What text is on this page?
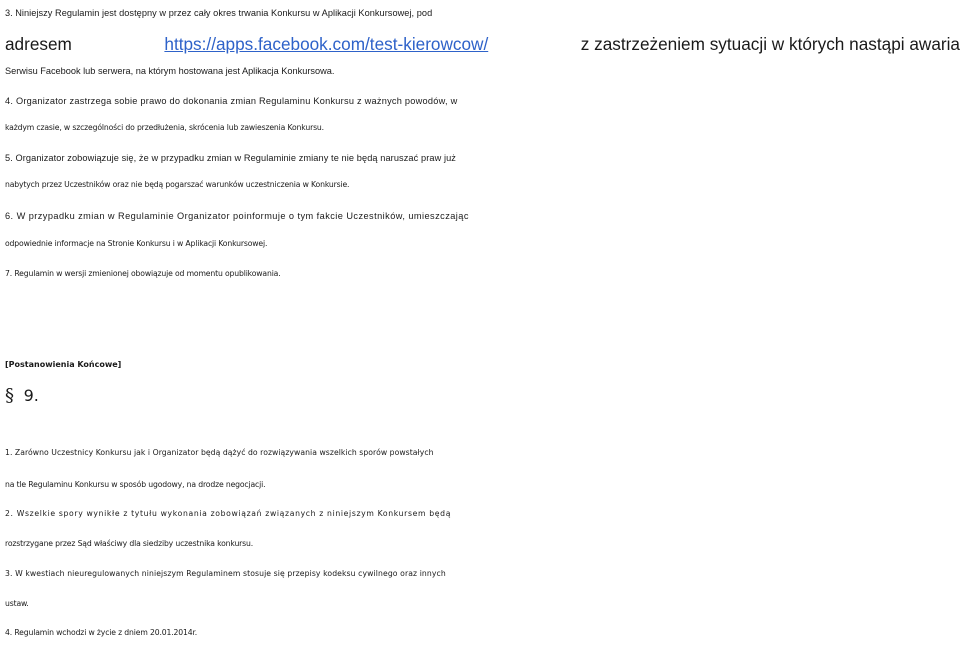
3. Niniejszy Regulamin jest dostępny w przez cały okres trwania Konkursu w Aplikacji Konkursowej, pod
adresem	https://apps.facebook.com/test-kierowcow/	z zastrzeżeniem sytuacji w których nastąpi awaria
Serwisu Facebook lub serwera, na którym hostowana jest Aplikacja Konkursowa.
4. Organizator zastrzega sobie prawo do dokonania zmian Regulaminu Konkursu z ważnych powodów, w
każdym czasie, w szczególności do przedłużenia, skrócenia lub zawieszenia Konkursu.
5. Organizator zobowiązuje się, że w przypadku zmian w Regulaminie zmiany te nie będą naruszać praw już
nabytych przez Uczestników oraz nie będą pogarszać warunków uczestniczenia w Konkursie.
6. W przypadku zmian w Regulaminie Organizator poinformuje o tym fakcie Uczestników, umieszczając
odpowiednie informacje na Stronie Konkursu i w Aplikacji Konkursowej.
7. Regulamin w wersji zmienionej obowiązuje od momentu opublikowania.
[Postanowienia Końcowe]
§ 9.
1. Zarówno Uczestnicy Konkursu jak i Organizator będą dążyć do rozwiązywania wszelkich sporów powstałych
na tle Regulaminu Konkursu w sposób ugodowy, na drodze negocjacji.
2. Wszelkie spory wynikłe z tytułu wykonania zobowiązań związanych z niniejszym Konkursem będą
rozstrzygane przez Sąd właściwy dla siedziby uczestnika konkursu.
3. W kwestiach nieuregulowanych niniejszym Regulaminem stosuje się przepisy kodeksu cywilnego oraz innych
ustaw.
4. Regulamin wchodzi w życie z dniem 20.01.2014r.
